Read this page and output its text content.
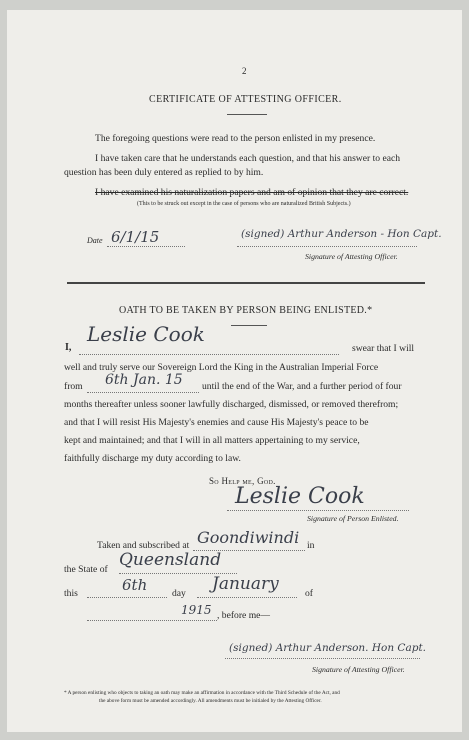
2
CERTIFICATE OF ATTESTING OFFICER.
The foregoing questions were read to the person enlisted in my presence.
I have taken care that he understands each question, and that his answer to each
question has been duly entered as replied to by him.
I have examined his naturalization papers and am of opinion that they are correct.
(This to be struck out except in the case of persons who are naturalized British Subjects.)
Date 6/1/15	(signed) Arthur Anderson - Hon Capt.
Signature of Attesting Officer.
OATH TO BE TAKEN BY PERSON BEING ENLISTED.*
I,
Leslie Cook
swear that I will
well and truly serve our Sovereign Lord the King in the Australian Imperial Force
from 6th Jan. 15 until the end of the War, and a further period of four
months thereafter unless sooner lawfully discharged, dismissed, or removed therefrom;
and that I will resist His Majesty's enemies and cause His Majesty's peace to be
kept and maintained; and that I will in all matters appertaining to my service,
faithfully discharge my duty according to law.
So Help me, God.
Leslie Cook
Signature of Person Enlisted.
Taken and subscribed at Goondiwindi in
the State of Queensland
this	6th	day January	of
1915 , before me—
(signed) Arthur Anderson. Hon Capt.
Signature of Attesting Officer.
* A person enlisting who objects to taking an oath may make an affirmation in accordance with the Third Schedule of the Act, and
the above form must be amended accordingly. All amendments must be initialed by the Attesting Officer.
